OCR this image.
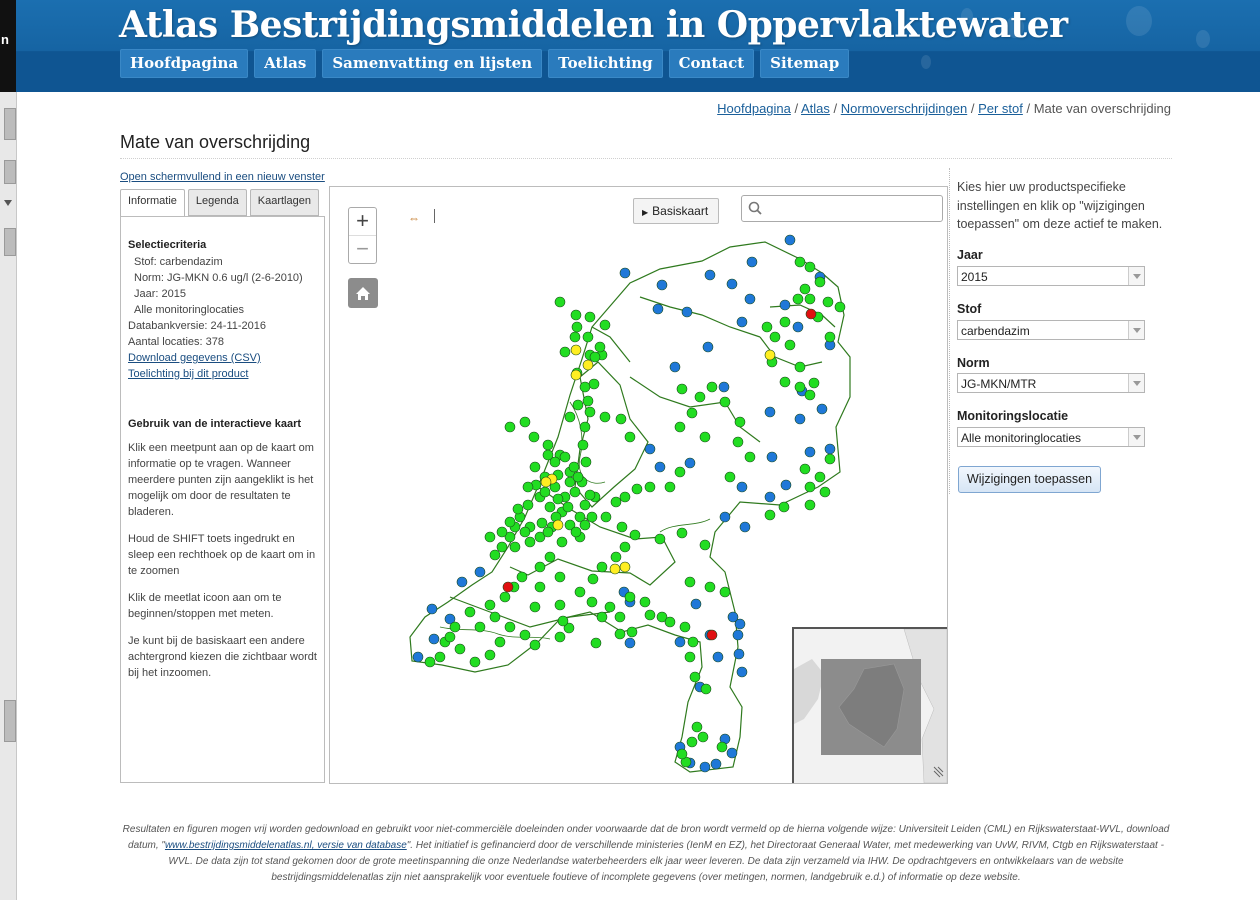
n	Atlas Bestrijdingsmiddelen in Oppervlaktewater
Hoofdpagina	Atlas	Samenvatting en lijsten	Toelichting	Contact	Sitemap
Hoofdpagina / Atlas / Normoverschrijdingen / Per stof / Mate van overschrijding
Mate van overschrijding
Open schermvullend in een nieuw venster
Informatie	Legenda	Kaartlagen
Selectiecriteria
Stof: carbendazim
Norm: JG-MKN 0.6 ug/l (2-6-2010)
Jaar: 2015
Alle monitoringlocaties
Databankversie: 24-11-2016
Aantal locaties: 378
Download gegevens (CSV)
Toelichting bij dit product
Gebruik van de interactieve kaart

Klik een meetpunt aan op de kaart om informatie op te vragen. Wanneer meerdere punten zijn aangeklikt is het mogelijk om door de resultaten te bladeren.

Houd de SHIFT toets ingedrukt en sleep een rechthoek op de kaart om in te zoomen

Klik de meetlat icoon aan om te beginnen/stoppen met meten.

Je kunt bij de basiskaart een andere achtergrond kiezen die zichtbaar wordt bij het inzoomen.

+
−
⇔	▶ Basiskaart
Kies hier uw productspecifieke instellingen en klik op "wijzigingen toepassen" om deze actief te maken.
Jaar
2015
Stof
carbendazim
Norm
JG-MKN/MTR
Monitoringslocatie
Alle monitoringlocaties
Wijzigingen toepassen
Resultaten en figuren mogen vrij worden gedownload en gebruikt voor niet-commerciële doeleinden onder voorwaarde dat de bron wordt vermeld op de hierna volgende wijze: Universiteit Leiden (CML) en Rijkswaterstaat-WVL, download datum, "www.bestrijdingsmiddelenatlas.nl, versie van database". Het initiatief is gefinancierd door de verschillende ministeries (IenM en EZ), het Directoraat Generaal Water, met medewerking van UvW, RIVM, Ctgb en Rijkswaterstaat - WVL. De data zijn tot stand gekomen door de grote meetinspanning die onze Nederlandse waterbeheerders elk jaar weer leveren. De data zijn verzameld via IHW. De opdrachtgevers en ontwikkelaars van de website bestrijdingsmiddelenatlas zijn niet aansprakelijk voor eventuele foutieve of incomplete gegevens (over metingen, normen, landgebruik e.d.) of informatie op deze website.
